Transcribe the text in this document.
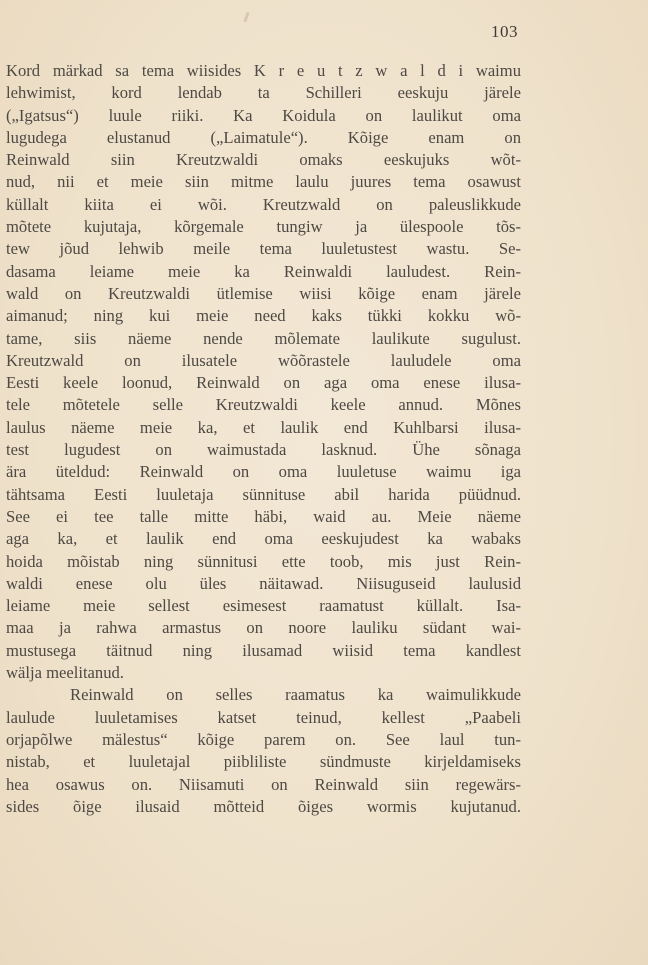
103
Kord märkad sa tema wiisides K r e u t z w a l d i waimu
lehwimist, kord lendab ta Schilleri eeskuju järele
(„Igatsus“) luule riiki. Ka Koidula on laulikut oma
lugudega elustanud („Laimatule“). Kõige enam on
Reinwald siin Kreutzwaldi omaks eeskujuks wõt-
nud, nii et meie siin mitme laulu juures tema osawust
küllalt kiita ei wõi. Kreutzwald on paleuslikkude
mõtete kujutaja, kõrgemale tungiw ja ülespoole tõs-
tew jõud lehwib meile tema luuletustest wastu. Se-
dasama leiame meie ka Reinwaldi lauludest. Rein-
wald on Kreutzwaldi ütlemise wiisi kõige enam järele
aimanud; ning kui meie need kaks tükki kokku wõ-
tame, siis näeme nende mõlemate laulikute sugulust.
Kreutzwald on ilusatele wõõrastele lauludele oma
Eesti keele loonud, Reinwald on aga oma enese ilusa-
tele mõtetele selle Kreutzwaldi keele annud. Mõnes
laulus näeme meie ka, et laulik end Kuhlbarsi ilusa-
test lugudest on waimustada lasknud. Ühe sõnaga
ära üteldud: Reinwald on oma luuletuse waimu iga
tähtsama Eesti luuletaja sünnituse abil harida püüdnud.
See ei tee talle mitte häbi, waid au. Meie näeme
aga ka, et laulik end oma eeskujudest ka wabaks
hoida mõistab ning sünnitusi ette toob, mis just Rein-
waldi enese olu üles näitawad. Niisuguseid laulusid
leiame meie sellest esimesest raamatust küllalt. Isa-
maa ja rahwa armastus on noore lauliku südant wai-
mustusega täitnud ning ilusamad wiisid tema kandlest
wälja meelitanud.
Reinwald on selles raamatus ka waimulikkude
laulude luuletamises katset teinud, kellest „Paabeli
orjapõlwe mälestus“ kõige parem on. See laul tun-
nistab, et luuletajal piibliliste sündmuste kirjeldamiseks
hea osawus on. Niisamuti on Reinwald siin regewärs-
sides õige ilusaid mõtteid õiges wormis kujutanud.
